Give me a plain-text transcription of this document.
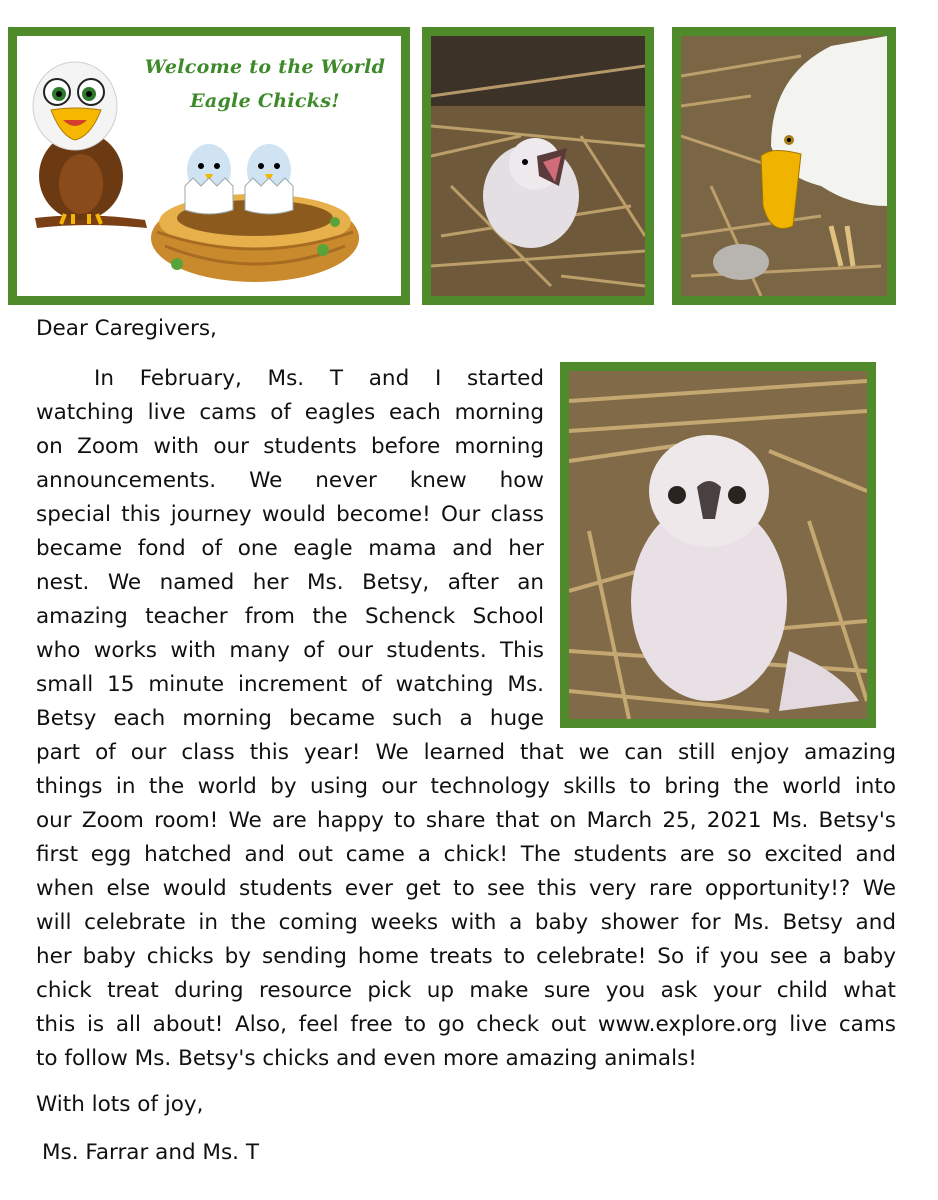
Welcome to the World
Eagle Chicks!
Dear Caregivers,
In February, Ms. T and I started
watching live cams of eagles each morning
on Zoom with our students before morning
announcements. We never knew how
special this journey would become! Our class
became fond of one eagle mama and her
nest. We named her Ms. Betsy, after an
amazing teacher from the Schenck School
who works with many of our students. This
small 15 minute increment of watching Ms.
Betsy each morning became such a huge
part of our class this year! We learned that we can still enjoy amazing
things in the world by using our technology skills to bring the world into
our Zoom room! We are happy to share that on March 25, 2021 Ms. Betsy's
first egg hatched and out came a chick! The students are so excited and
when else would students ever get to see this very rare opportunity!? We
will celebrate in the coming weeks with a baby shower for Ms. Betsy and
her baby chicks by sending home treats to celebrate! So if you see a baby
chick treat during resource pick up make sure you ask your child what
this is all about! Also, feel free to go check out www.explore.org live cams
to follow Ms. Betsy's chicks and even more amazing animals!
With lots of joy,
Ms. Farrar and Ms. T
